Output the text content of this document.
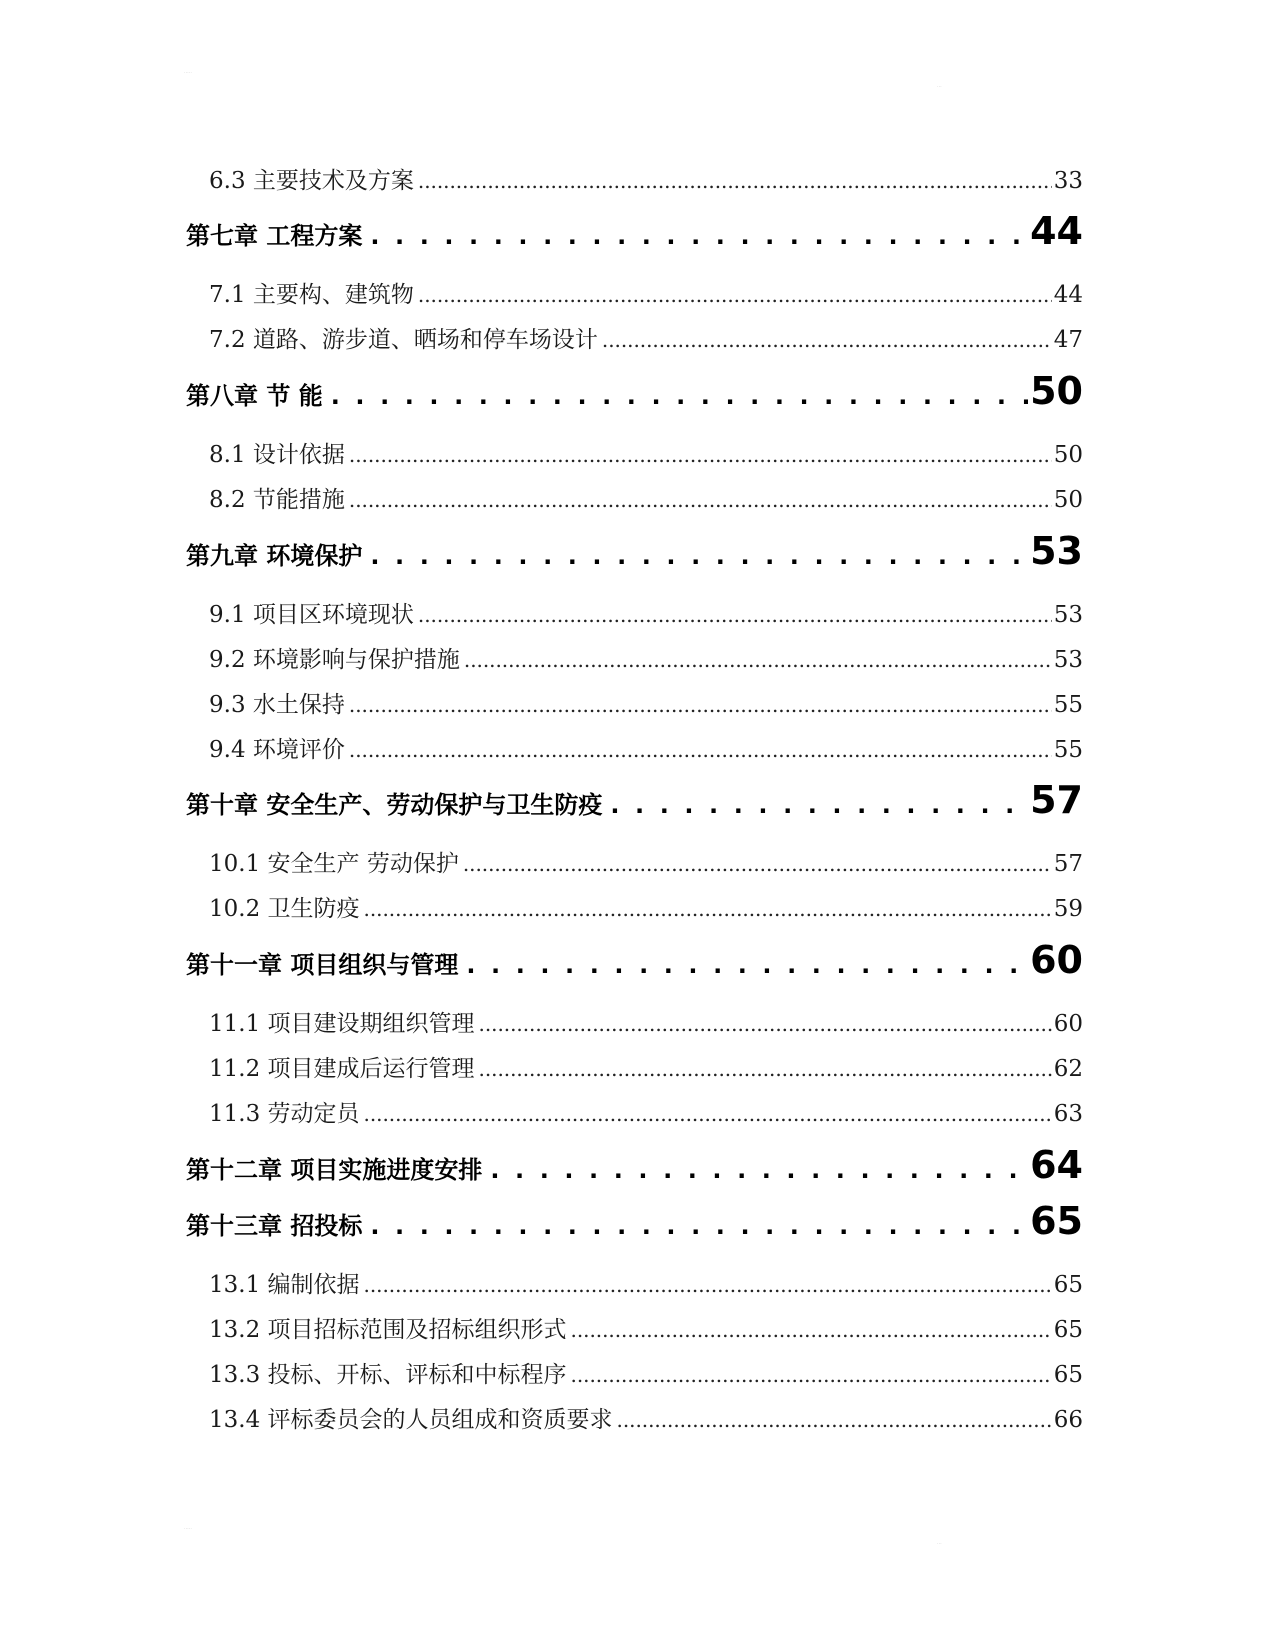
·····
···
6.3 主要技术及方案 . . .	33
第七章 工程方案 . . .	44
7.1 主要构、建筑物 . . .	44
7.2 道路、游步道、晒场和停车场设计 . . .	47
第八章 节 能 . . .	50
8.1 设计依据 . . .	50
8.2 节能措施 . . .	50
第九章 环境保护 . . .	53
9.1 项目区环境现状 . . .	53
9.2 环境影响与保护措施 . . .	53
9.3 水土保持 . . .	55
9.4 环境评价 . . .	55
第十章 安全生产、劳动保护与卫生防疫 . . .	57
10.1 安全生产 劳动保护 . . .	57
10.2 卫生防疫 . . .	59
第十一章 项目组织与管理 . . .	60
11.1 项目建设期组织管理 . . .	60
11.2 项目建成后运行管理 . . .	62
11.3 劳动定员 . . .	63
第十二章 项目实施进度安排 . . .	64
第十三章 招投标 . . .	65
13.1 编制依据 . . .	65
13.2 项目招标范围及招标组织形式 . . .	65
13.3 投标、开标、评标和中标程序 . . .	65
13.4 评标委员会的人员组成和资质要求 . . .	66
·····
···
